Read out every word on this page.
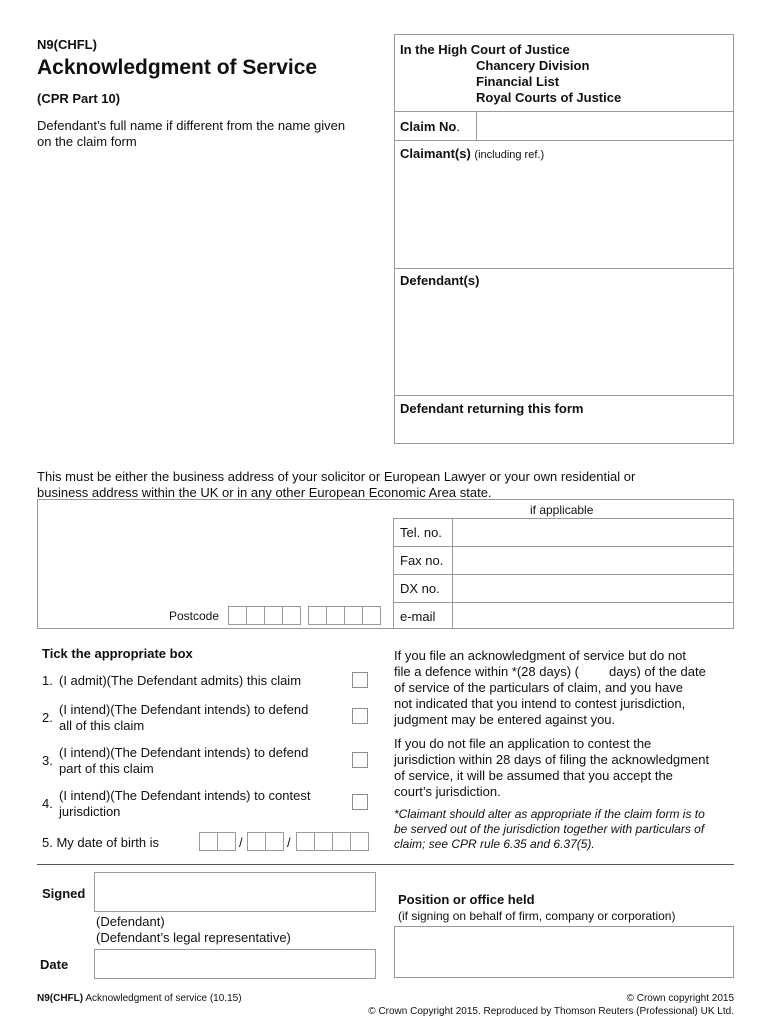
N9(CHFL)
Acknowledgment of Service
(CPR Part 10)
Defendant’s full name if different from the name given
on the claim form
In the High Court of Justice
Chancery Division
Financial List
Royal Courts of Justice
Claim No.
Claimant(s) (including ref.)
Defendant(s)
Defendant returning this form
This must be either the business address of your solicitor or European Lawyer or your own residential or
business address within the UK or in any other European Economic Area state.
if applicable
Tel. no.
Fax no.
DX no.
e-mail
Postcode
Tick the appropriate box
1. (I admit)(The Defendant admits) this claim
2.
(I intend)(The Defendant intends) to defend
all of this claim
3.
(I intend)(The Defendant intends) to defend
part of this claim
4.
(I intend)(The Defendant intends) to contest
jurisdiction
5. My date of birth is	/	/
If you file an acknowledgment of service but do not
file a defence within *(28 days) ( days) of the date
of service of the particulars of claim, and you have
not indicated that you intend to contest jurisdiction,
judgment may be entered against you.
If you do not file an application to contest the
jurisdiction within 28 days of filing the acknowledgment
of service, it will be assumed that you accept the
court’s jurisdiction.
*Claimant should alter as appropriate if the claim form is to
be served out of the jurisdiction together with particulars of
claim; see CPR rule 6.35 and 6.37(5).
Signed
(Defendant)
(Defendant’s legal representative)
Date
Position or office held
(if signing on behalf of firm, company or corporation)
N9(CHFL) Acknowledgment of service (10.15)	© Crown copyright 2015
© Crown Copyright 2015. Reproduced by Thomson Reuters (Professional) UK Ltd.
